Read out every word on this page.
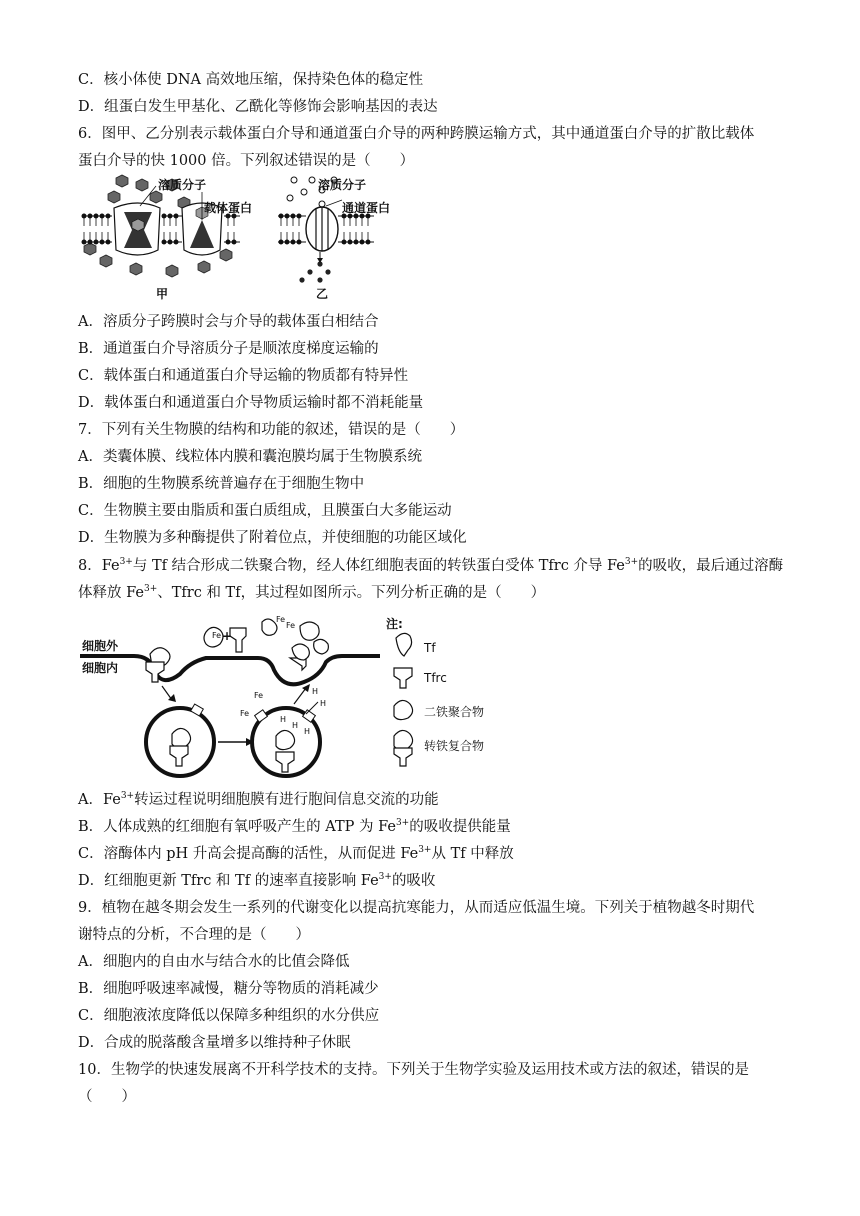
C．核小体使 DNA 高效地压缩，保持染色体的稳定性
D．组蛋白发生甲基化、乙酰化等修饰会影响基因的表达
6．图甲、乙分别表示载体蛋白介导和通道蛋白介导的两种跨膜运输方式，其中通道蛋白介导的扩散比载体
蛋白介导的快 1000 倍。下列叙述错误的是（　　）
溶质分子
载体蛋白
甲
溶质分子
通道蛋白
乙
A．溶质分子跨膜时会与介导的载体蛋白相结合
B．通道蛋白介导溶质分子是顺浓度梯度运输的
C．载体蛋白和通道蛋白介导运输的物质都有特异性
D．载体蛋白和通道蛋白介导物质运输时都不消耗能量
7．下列有关生物膜的结构和功能的叙述，错误的是（　　）
A．类囊体膜、线粒体内膜和囊泡膜均属于生物膜系统
B．细胞的生物膜系统普遍存在于细胞生物中
C．生物膜主要由脂质和蛋白质组成，且膜蛋白大多能运动
D．生物膜为多种酶提供了附着位点，并使细胞的功能区域化
8．$Fe^{3+}$与 Tf 结合形成二铁聚合物，经人体红细胞表面的转铁蛋白受体 Tfrc 介导 $Fe^{3+}$的吸收，最后通过溶酶
体释放 $Fe^{3+}$、Tfrc 和 Tf，其过程如图所示。下列分析正确的是（　　）
细胞外
细胞内
Fe
Fe
Fe
+
Fe
Fe
H
H
H
H
H
注:
Tf
Tfrc
二铁聚合物
转铁复合物
A．$Fe^{3+}$转运过程说明细胞膜有进行胞间信息交流的功能
B．人体成熟的红细胞有氧呼吸产生的 ATP 为 $Fe^{3+}$的吸收提供能量
C．溶酶体内 pH 升高会提高酶的活性，从而促进 $Fe^{3+}$从 Tf 中释放
D．红细胞更新 Tfrc 和 Tf 的速率直接影响 $Fe^{3+}$的吸收
9．植物在越冬期会发生一系列的代谢变化以提高抗寒能力，从而适应低温生境。下列关于植物越冬时期代
谢特点的分析，不合理的是（　　）
A．细胞内的自由水与结合水的比值会降低
B．细胞呼吸速率减慢，糖分等物质的消耗减少
C．细胞液浓度降低以保障多种组织的水分供应
D．合成的脱落酸含量增多以维持种子休眠
10．生物学的快速发展离不开科学技术的支持。下列关于生物学实验及运用技术或方法的叙述，错误的是
（　　）
